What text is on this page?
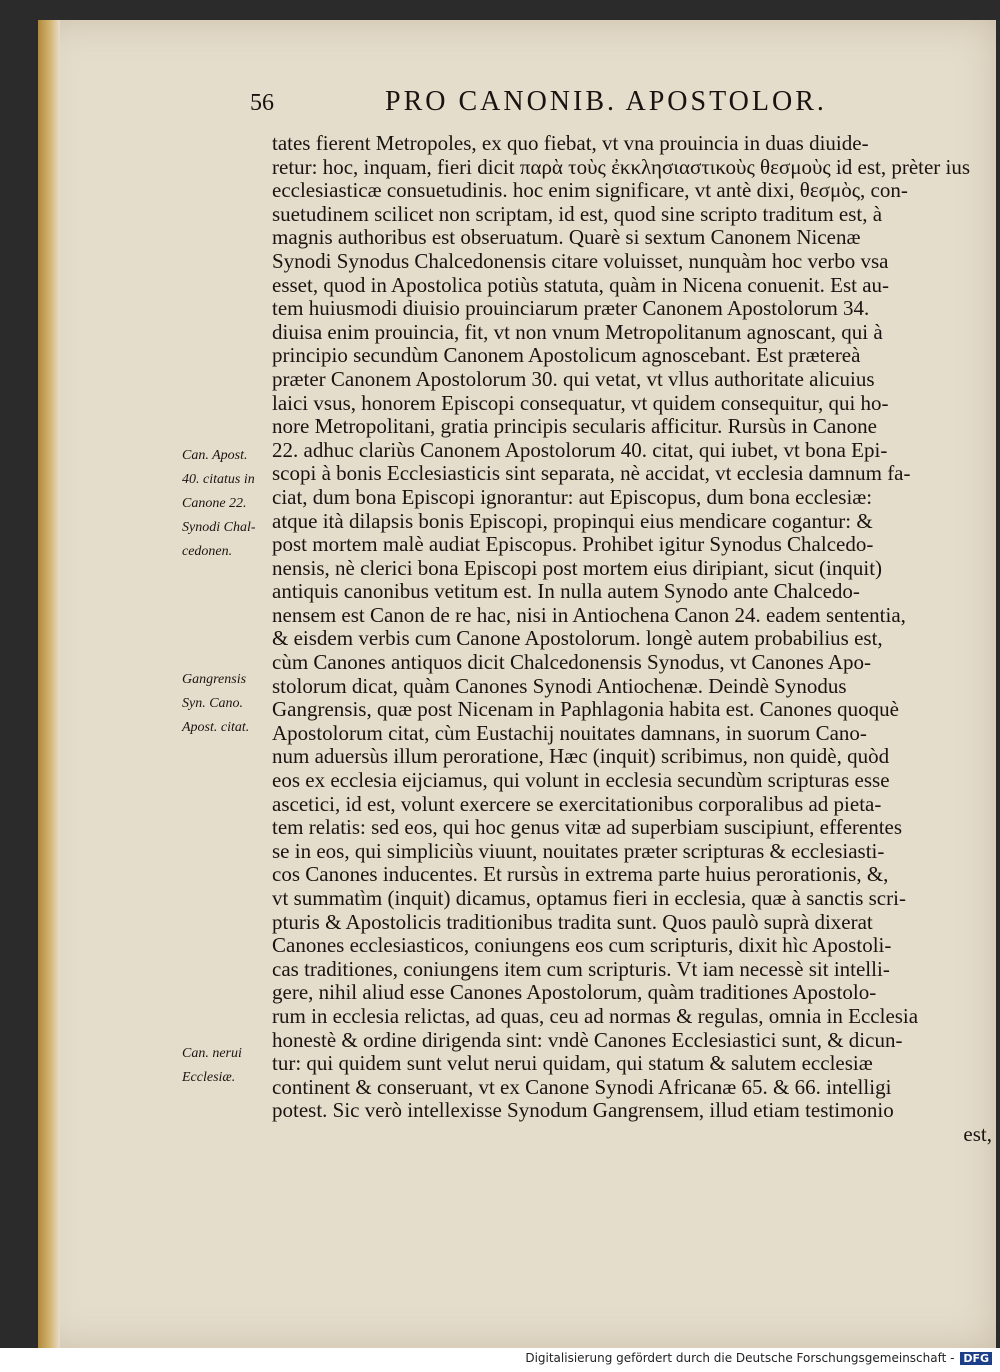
56	PRO CANONIB. APOSTOLOR.
tates fierent Metropoles, ex quo fiebat, vt vna prouincia in duas diuide-
retur: hoc, inquam, fieri dicit παρὰ τοὺς ἐκκλησιαστικοὺς θεσμοὺς id est, prèter ius
ecclesiasticæ consuetudinis. hoc enim significare, vt antè dixi, θεσμὸς, con-
suetudinem scilicet non scriptam, id est, quod sine scripto traditum est, à
magnis authoribus est obseruatum. Quarè si sextum Canonem Nicenæ
Synodi Synodus Chalcedonensis citare voluisset, nunquàm hoc verbo vsa
esset, quod in Apostolica potiùs statuta, quàm in Nicena conuenit. Est au-
tem huiusmodi diuisio prouinciarum præter Canonem Apostolorum 34.
diuisa enim prouincia, fit, vt non vnum Metropolitanum agnoscant, qui à
principio secundùm Canonem Apostolicum agnoscebant. Est prætereà
præter Canonem Apostolorum 30. qui vetat, vt vllus authoritate alicuius
laici vsus, honorem Episcopi consequatur, vt quidem consequitur, qui ho-
nore Metropolitani, gratia principis secularis afficitur. Rursùs in Canone
22. adhuc clariùs Canonem Apostolorum 40. citat, qui iubet, vt bona Epi-
scopi à bonis Ecclesiasticis sint separata, nè accidat, vt ecclesia damnum fa-
ciat, dum bona Episcopi ignorantur: aut Episcopus, dum bona ecclesiæ:
atque ità dilapsis bonis Episcopi, propinqui eius mendicare cogantur: &
post mortem malè audiat Episcopus. Prohibet igitur Synodus Chalcedo-
nensis, nè clerici bona Episcopi post mortem eius diripiant, sicut (inquit)
antiquis canonibus vetitum est. In nulla autem Synodo ante Chalcedo-
nensem est Canon de re hac, nisi in Antiochena Canon 24. eadem sententia,
& eisdem verbis cum Canone Apostolorum. longè autem probabilius est,
cùm Canones antiquos dicit Chalcedonensis Synodus, vt Canones Apo-
stolorum dicat, quàm Canones Synodi Antiochenæ. Deindè Synodus
Gangrensis, quæ post Nicenam in Paphlagonia habita est. Canones quoquè
Apostolorum citat, cùm Eustachij nouitates damnans, in suorum Cano-
num aduersùs illum peroratione, Hæc (inquit) scribimus, non quidè, quòd
eos ex ecclesia eijciamus, qui volunt in ecclesia secundùm scripturas esse
ascetici, id est, volunt exercere se exercitationibus corporalibus ad pieta-
tem relatis: sed eos, qui hoc genus vitæ ad superbiam suscipiunt, efferentes
se in eos, qui simpliciùs viuunt, nouitates præter scripturas & ecclesiasti-
cos Canones inducentes. Et rursùs in extrema parte huius perorationis, &,
vt summatìm (inquit) dicamus, optamus fieri in ecclesia, quæ à sanctis scri-
pturis & Apostolicis traditionibus tradita sunt. Quos paulò suprà dixerat
Canones ecclesiasticos, coniungens eos cum scripturis, dixit hìc Apostoli-
cas traditiones, coniungens item cum scripturis. Vt iam necessè sit intelli-
gere, nihil aliud esse Canones Apostolorum, quàm traditiones Apostolo-
rum in ecclesia relictas, ad quas, ceu ad normas & regulas, omnia in Ecclesia
honestè & ordine dirigenda sint: vndè Canones Ecclesiastici sunt, & dicun-
tur: qui quidem sunt velut nerui quidam, qui statum & salutem ecclesiæ
continent & conseruant, vt ex Canone Synodi Africanæ 65. & 66. intelligi
potest. Sic verò intellexisse Synodum Gangrensem, illud etiam testimonio
est,
Can. Apost.
40. citatus in
Canone 22.
Synodi Chal-
cedonen.
Gangrensis
Syn. Cano.
Apost. citat.
Can. nerui
Ecclesiæ.
Digitalisierung gefördert durch die Deutsche Forschungsgemeinschaft - DFG
